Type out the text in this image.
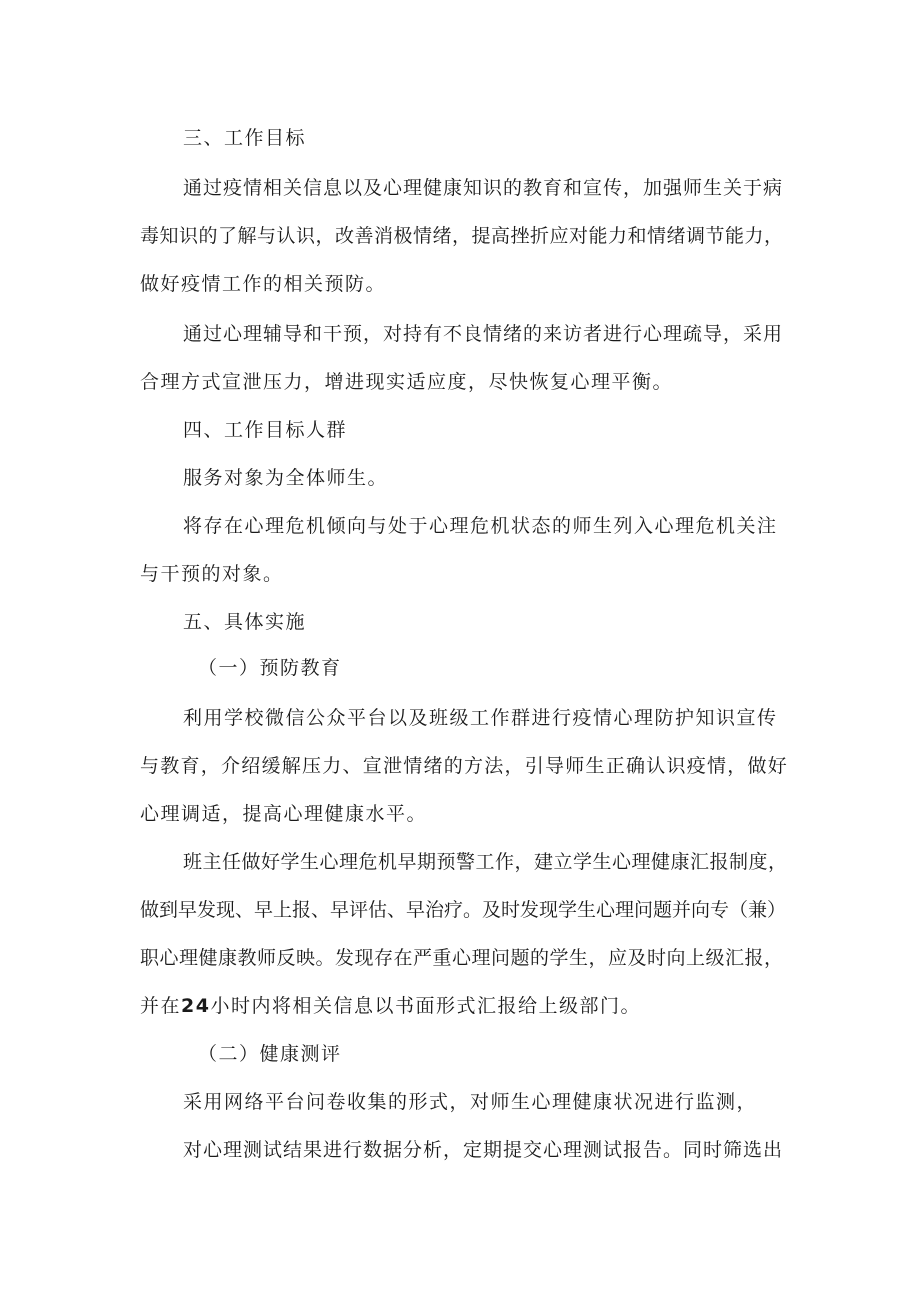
三、工作目标
通过疫情相关信息以及心理健康知识的教育和宣传，加强师生关于病
毒知识的了解与认识，改善消极情绪，提高挫折应对能力和情绪调节能力，
做好疫情工作的相关预防。
通过心理辅导和干预，对持有不良情绪的来访者进行心理疏导，采用
合理方式宣泄压力，增进现实适应度，尽快恢复心理平衡。
四、工作目标人群
服务对象为全体师生。
将存在心理危机倾向与处于心理危机状态的师生列入心理危机关注
与干预的对象。
五、具体实施
（一）预防教育
利用学校微信公众平台以及班级工作群进行疫情心理防护知识宣传
与教育，介绍缓解压力、宣泄情绪的方法，引导师生正确认识疫情，做好
心理调适，提高心理健康水平。
班主任做好学生心理危机早期预警工作，建立学生心理健康汇报制度，
做到早发现、早上报、早评估、早治疗。及时发现学生心理问题并向专（兼）
职心理健康教师反映。发现存在严重心理问题的学生，应及时向上级汇报，
并在24小时内将相关信息以书面形式汇报给上级部门。
（二）健康测评
采用网络平台问卷收集的形式，对师生心理健康状况进行监测，
对心理测试结果进行数据分析，定期提交心理测试报告。同时筛选出
